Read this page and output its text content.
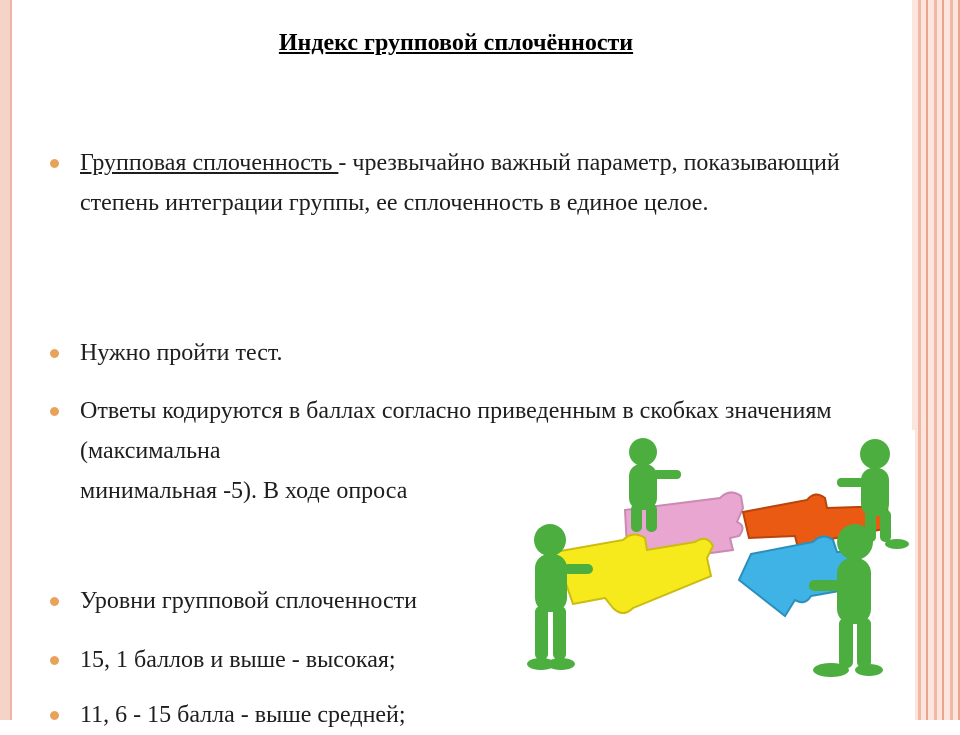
Индекс групповой сплочённости
Групповая сплоченность - чрезвычайно важный параметр, показывающий степень интеграции группы, ее сплоченность в единое целое.
Нужно пройти тест.
Ответы кодируются в баллах согласно приведенным в скобках значениям (максимальна
минимальная -5). В ходе опроса
Уровни групповой сплоченности
15, 1 баллов и выше - высокая;
11, 6 - 15 балла - выше средней;
